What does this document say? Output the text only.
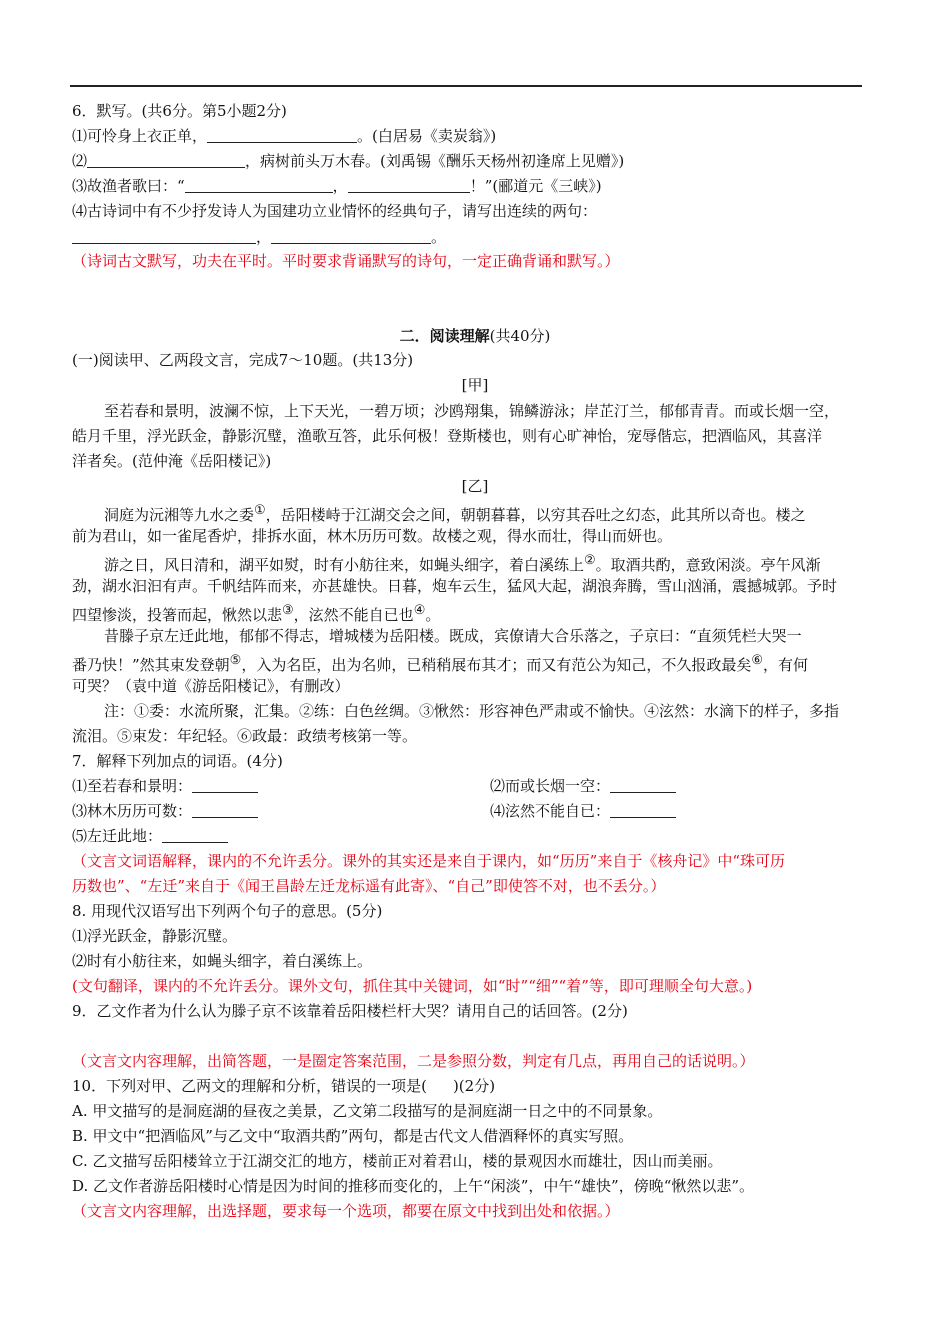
6．默写。(共6分。第5小题2分)
⑴可怜身上衣正单，	。(白居易《卖炭翁》)
⑵	，病树前头万木春。(刘禹锡《酬乐天杨州初逢席上见赠》)
⑶故渔者歌曰：“	，	！”(郦道元《三峡》)
⑷古诗词中有不少抒发诗人为国建功立业情怀的经典句子，请写出连续的两句：
，	。
（诗词古文默写，功夫在平时。平时要求背诵默写的诗句，一定正确背诵和默写。）
二．阅读理解(共40分)
(一)阅读甲、乙两段文言，完成7～10题。(共13分)
[甲]
至若春和景明，波澜不惊，上下天光，一碧万顷；沙鸥翔集，锦鳞游泳；岸芷汀兰，郁郁青青。而或长烟一空，
皓月千里，浮光跃金，静影沉璧，渔歌互答，此乐何极！登斯楼也，则有心旷神怡，宠辱偕忘，把酒临风，其喜洋
洋者矣。(范仲淹《岳阳楼记》)
[乙]
洞庭为沅湘等九水之委①，岳阳楼峙于江湖交会之间，朝朝暮暮，以穷其吞吐之幻态，此其所以奇也。楼之
前为君山，如一雀尾香炉，排拆水面，林木历历可数。故楼之观，得水而壮，得山而妍也。
游之日，风日清和，湖平如熨，时有小舫往来，如蝇头细字，着白溪练上②。取酒共酌，意致闲淡。亭午风渐
劲，湖水汩汩有声。千帆结阵而来，亦甚雄快。日暮，炮车云生，猛风大起，湖浪奔腾，雪山汹涌，震撼城郭。予时
四望惨淡，投箸而起，愀然以悲③，泫然不能自已也④。
昔滕子京左迁此地，郁郁不得志，增城楼为岳阳楼。既成，宾僚请大合乐落之，子京曰：“直须凭栏大哭一
番乃快！”然其束发登朝⑤，入为名臣，出为名帅，已稍稍展布其才；而又有范公为知己，不久报政最矣⑥，有何
可哭？（袁中道《游岳阳楼记》，有删改）
注：①委：水流所聚，汇集。②练：白色丝绸。③愀然：形容神色严肃或不愉快。④泫然：水滴下的样子，多指
流泪。⑤束发：年纪轻。⑥政最：政绩考核第一等。
7．解释下列加点的词语。(4分)
⑴至若春和景明：	⑵而或长烟一空：
⑶林木历历可数：	⑷泫然不能自已：
⑸左迁此地：
（文言文词语解释，课内的不允许丢分。课外的其实还是来自于课内，如“历历”来自于《核舟记》中“珠可历
历数也”、“左迁”来自于《闻王昌龄左迁龙标遥有此寄》、“自己”即使答不对，也不丢分。）
8. 用现代汉语写出下列两个句子的意思。(5分)
⑴浮光跃金，静影沉璧。
⑵时有小舫往来，如蝇头细字，着白溪练上。
(文句翻译，课内的不允许丢分。课外文句，抓住其中关键词，如“时”“细”“着”等，即可理顺全句大意。)
9．乙文作者为什么认为滕子京不该靠着岳阳楼栏杆大哭？请用自己的话回答。(2分)
（文言文内容理解，出简答题，一是圈定答案范围，二是参照分数，判定有几点，再用自己的话说明。）
10．下列对甲、乙两文的理解和分析，错误的一项是( )(2分)
A. 甲文描写的是洞庭湖的昼夜之美景，乙文第二段描写的是洞庭湖一日之中的不同景象。
B. 甲文中“把酒临风”与乙文中“取酒共酌”两句，都是古代文人借酒释怀的真实写照。
C. 乙文描写岳阳楼耸立于江湖交汇的地方，楼前正对着君山，楼的景观因水而雄壮，因山而美丽。
D. 乙文作者游岳阳楼时心情是因为时间的推移而变化的，上午“闲淡”，中午“雄快”，傍晚“愀然以悲”。
（文言文内容理解，出选择题，要求每一个选项，都要在原文中找到出处和依据。）
